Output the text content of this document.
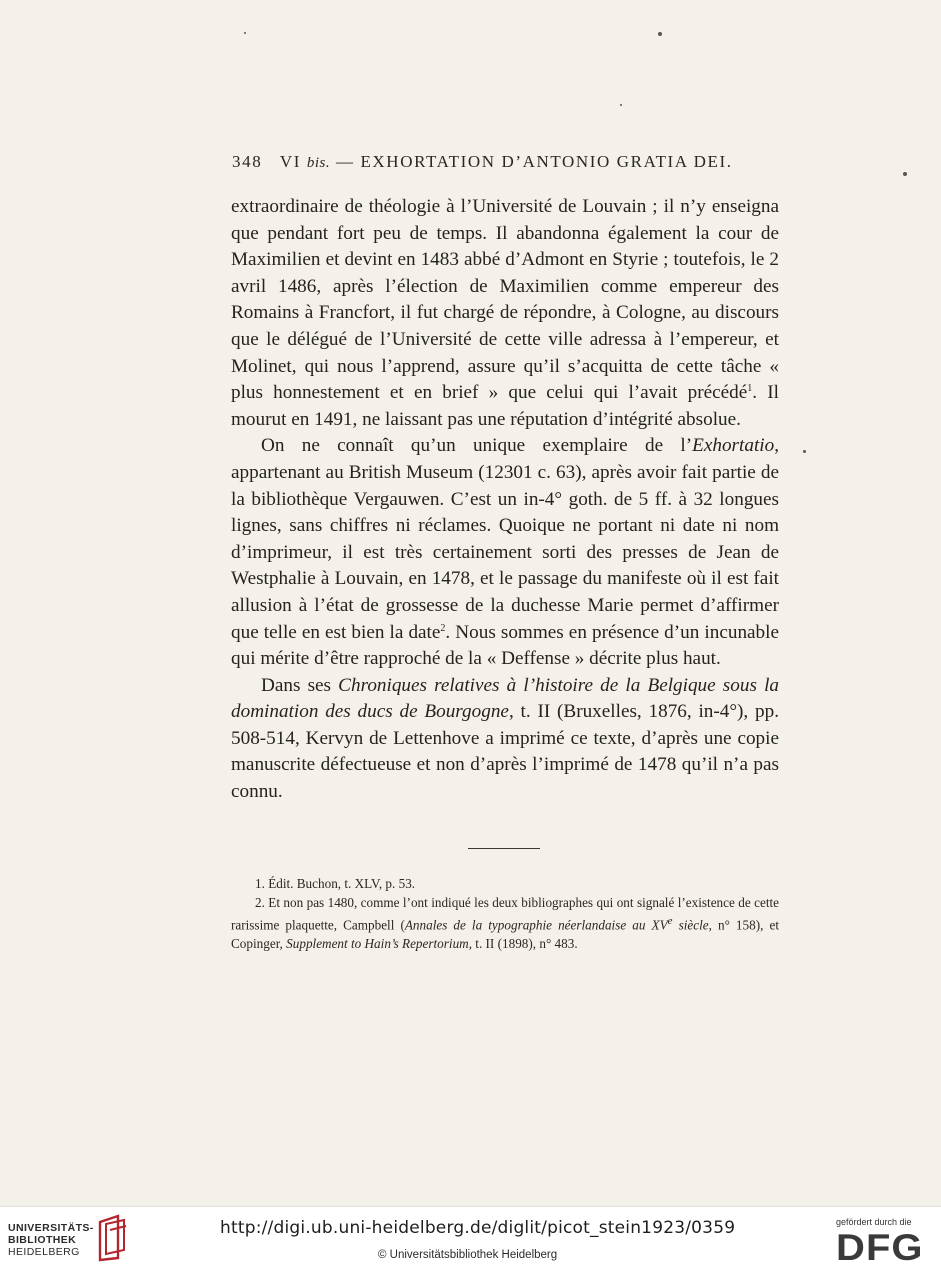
348 VI bis. — EXHORTATION D’ANTONIO GRATIA DEI.

extraordinaire de théologie à l’Université de Louvain ; il n’y enseigna que pendant fort peu de temps. Il abandonna également la cour de Maximilien et devint en 1483 abbé d’Admont en Styrie ; toutefois, le 2 avril 1486, après l’élection de Maximilien comme empereur des Romains à Francfort, il fut chargé de répondre, à Cologne, au discours que le délégué de l’Université de cette ville adressa à l’empereur, et Molinet, qui nous l’apprend, assure qu’il s’acquitta de cette tâche « plus honnestement et en brief » que celui qui l’avait précédé$^1$. Il mourut en 1491, ne laissant pas une réputation d’intégrité absolue.

On ne connaît qu’un unique exemplaire de l’Exhortatio, appartenant au British Museum (12301 c. 63), après avoir fait partie de la bibliothèque Vergauwen. C’est un in-4° goth. de 5 ff. à 32 longues lignes, sans chiffres ni réclames. Quoique ne portant ni date ni nom d’imprimeur, il est très certainement sorti des presses de Jean de Westphalie à Louvain, en 1478, et le passage du manifeste où il est fait allusion à l’état de grossesse de la duchesse Marie permet d’affirmer que telle en est bien la date$^2$. Nous sommes en présence d’un incunable qui mérite d’être rapproché de la « Deffense » décrite plus haut.

Dans ses Chroniques relatives à l’histoire de la Belgique sous la domination des ducs de Bourgogne, t. II (Bruxelles, 1876, in-4°), pp. 508-514, Kervyn de Lettenhove a imprimé ce texte, d’après une copie manuscrite défectueuse et non d’après l’imprimé de 1478 qu’il n’a pas connu.

1. Édit. Buchon, t. XLV, p. 53.

2. Et non pas 1480, comme l’ont indiqué les deux bibliographes qui ont signalé l’existence de cette rarissime plaquette, Campbell (Annales de la typographie néerlandaise au XVe siècle, n° 158), et Copinger, Supplement to Hain’s Repertorium, t. II (1898), n° 483.

UNIVERSITÄTS-
BIBLIOTHEK
HEIDELBERG
http://digi.ub.uni-heidelberg.de/diglit/picot_stein1923/0359
© Universitätsbibliothek Heidelberg
gefördert durch die
DFG
